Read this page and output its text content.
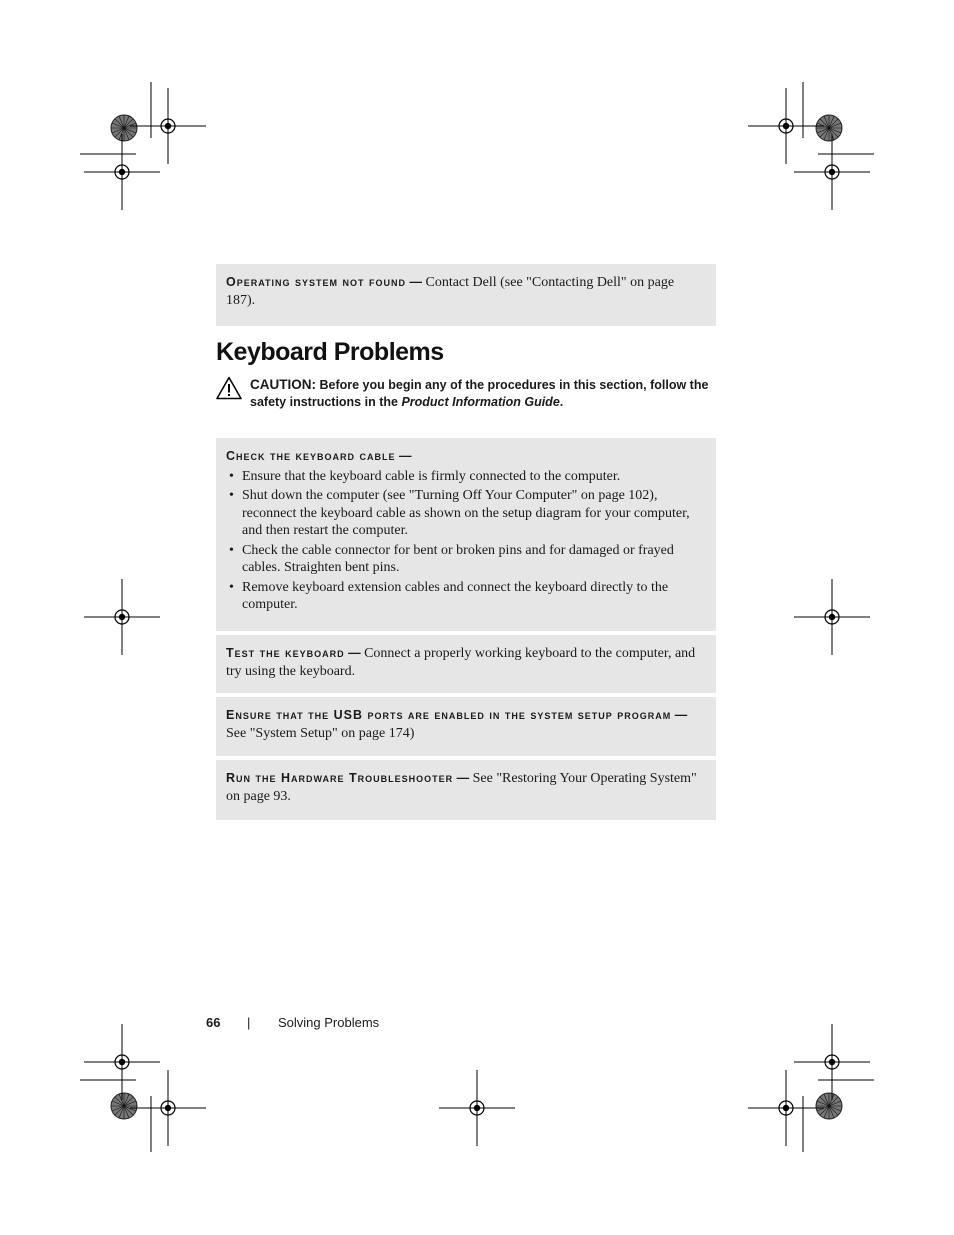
Operating system not found — Contact Dell (see "Contacting Dell" on page 187).
Keyboard Problems
CAUTION: Before you begin any of the procedures in this section, follow the safety instructions in the Product Information Guide.
Check the keyboard cable —
• Ensure that the keyboard cable is firmly connected to the computer.
• Shut down the computer (see "Turning Off Your Computer" on page 102), reconnect the keyboard cable as shown on the setup diagram for your computer, and then restart the computer.
• Check the cable connector for bent or broken pins and for damaged or frayed cables. Straighten bent pins.
• Remove keyboard extension cables and connect the keyboard directly to the computer.
Test the keyboard — Connect a properly working keyboard to the computer, and try using the keyboard.
Ensure that the USB ports are enabled in the system setup program — See "System Setup" on page 174)
Run the Hardware Troubleshooter — See "Restoring Your Operating System" on page 93.
66 | Solving Problems
